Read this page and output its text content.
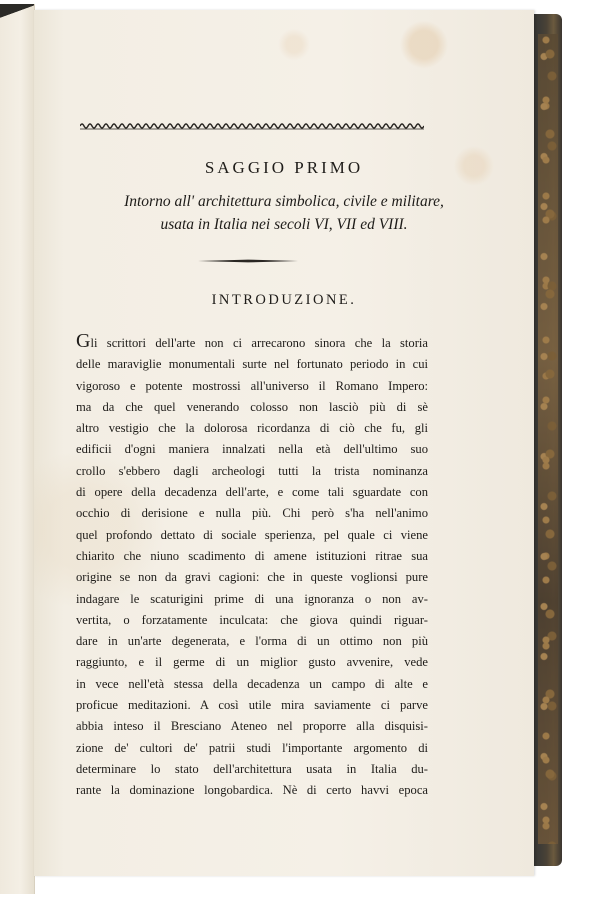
SAGGIO PRIMO
Intorno all' architettura simbolica, civile e militare,
usata in Italia nei secoli VI, VII ed VIII.
INTRODUZIONE.
Gli scrittori dell'arte non ci arrecarono sinora che la storia
delle maraviglie monumentali surte nel fortunato periodo in cui
vigoroso e potente mostrossi all'universo il Romano Impero:
ma da che quel venerando colosso non lasciò più di sè
altro vestigio che la dolorosa ricordanza di ciò che fu, gli
edificii d'ogni maniera innalzati nella età dell'ultimo suo
crollo s'ebbero dagli archeologi tutti la trista nominanza
di opere della decadenza dell'arte, e come tali sguardate con
occhio di derisione e nulla più. Chi però s'ha nell'animo
quel profondo dettato di sociale sperienza, pel quale ci viene
chiarito che niuno scadimento di amene istituzioni ritrae sua
origine se non da gravi cagioni: che in queste voglionsi pure
indagare le scaturigini prime di una ignoranza o non av-
vertita, o forzatamente inculcata: che giova quindi riguar-
dare in un'arte degenerata, e l'orma di un ottimo non più
raggiunto, e il germe di un miglior gusto avvenire, vede
in vece nell'età stessa della decadenza un campo di alte e
proficue meditazioni. A così utile mira saviamente ci parve
abbia inteso il Bresciano Ateneo nel proporre alla disquisi-
zione de' cultori de' patrii studi l'importante argomento di
determinare lo stato dell'architettura usata in Italia du-
rante la dominazione longobardica. Nè di certo havvi epoca
